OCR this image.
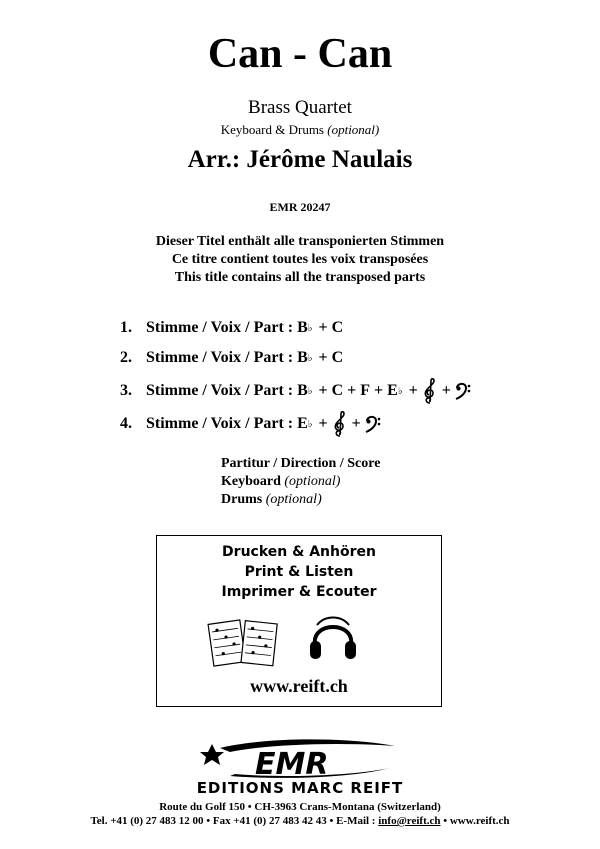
Can - Can
Brass Quartet
Keyboard & Drums (optional)
Arr.: Jérôme Naulais
EMR 20247
Dieser Titel enthält alle transponierten Stimmen
Ce titre contient toutes les voix transposées
This title contains all the transposed parts
1. Stimme / Voix / Part : B ♭ + C
2. Stimme / Voix / Part : B ♭ + C
3. Stimme / Voix / Part : B ♭ + C + F + E ♭ +
+
4. Stimme / Voix / Part : E ♭ +
+
Partitur / Direction / Score
Keyboard (optional)
Drums (optional)
Drucken & Anhören
Print & Listen
Imprimer & Ecouter
www.reift.ch
EMR
EDITIONS MARC REIFT
Route du Golf 150 • CH-3963 Crans-Montana (Switzerland)
Tel. +41 (0) 27 483 12 00 • Fax +41 (0) 27 483 42 43 • E-Mail : info@reift.ch • www.reift.ch
